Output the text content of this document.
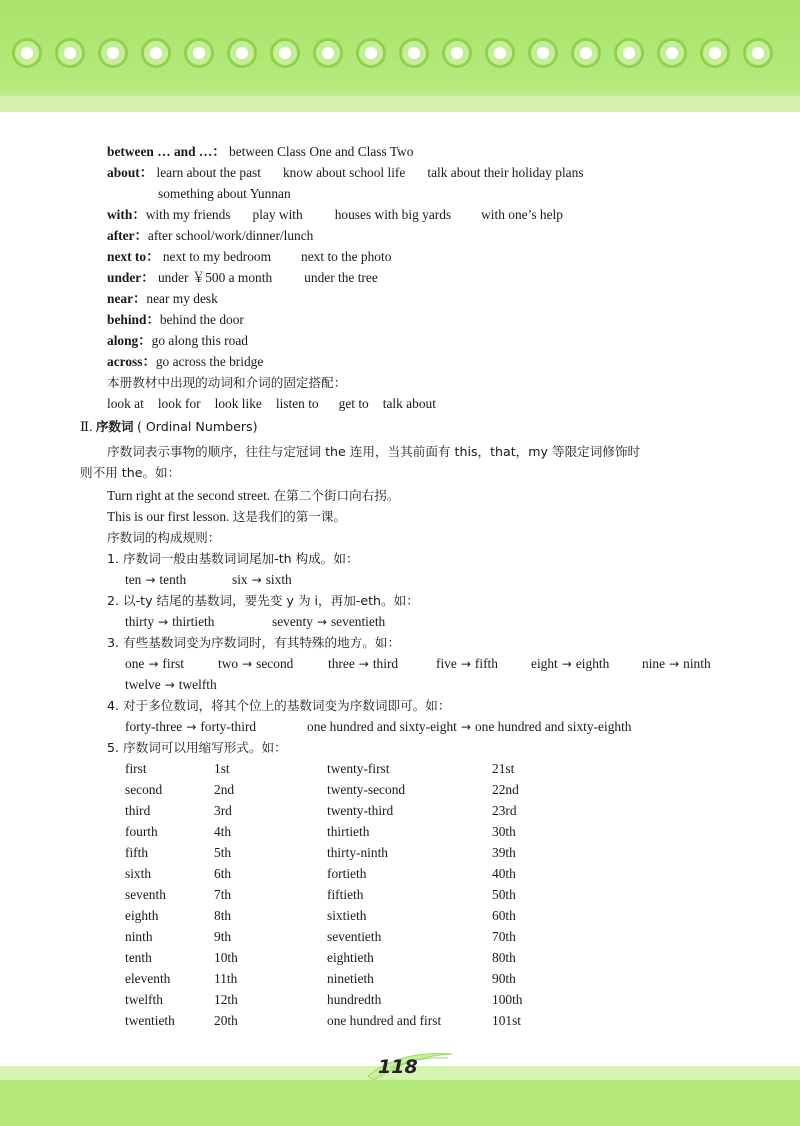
between … and …： between Class One and Class Two
about： learn about the past know about school life talk about their holiday plans
something about Yunnan
with：with my friends play with houses with big yards with one’s help
after：after school/work/dinner/lunch
next to： next to my bedroom next to the photo
under： under ￥500 a month under the tree
near：near my desk
behind：behind the door
along：go along this road
across：go across the bridge
本册教材中出现的动词和介词的固定搭配：
look at look for look like listen to get to talk about
Ⅱ. 序数词 ( Ordinal Numbers)
序数词表示事物的顺序，往往与定冠词 the 连用，当其前面有 this，that，my 等限定词修饰时
则不用 the。如：
Turn right at the second street. 在第二个街口向右拐。
This is our first lesson. 这是我们的第一课。
序数词的构成规则：
1. 序数词一般由基数词词尾加-th 构成。如：
ten → tenth	six → sixth
2. 以-ty 结尾的基数词，要先变 y 为 i，再加-eth。如：
thirty → thirtieth	seventy → seventieth
3. 有些基数词变为序数词时，有其特殊的地方。如：
one → first	two → second	three → third	five → fifth eight → eighth nine → ninth
twelve → twelfth
4. 对于多位数词，将其个位上的基数词变为序数词即可。如：
forty-three → forty-third	one hundred and sixty-eight → one hundred and sixty-eighth
5. 序数词可以用缩写形式。如：
first	1st	twenty-first	21st
second	2nd	twenty-second	22nd
third	3rd	twenty-third	23rd
fourth	4th	thirtieth	30th
fifth	5th	thirty-ninth	39th
sixth	6th	fortieth	40th
seventh	7th	fiftieth	50th
eighth	8th	sixtieth	60th
ninth	9th	seventieth	70th
tenth	10th	eightieth	80th
eleventh	11th	ninetieth	90th
twelfth	12th	hundredth	100th
twentieth	20th	one hundred and first	101st
118
